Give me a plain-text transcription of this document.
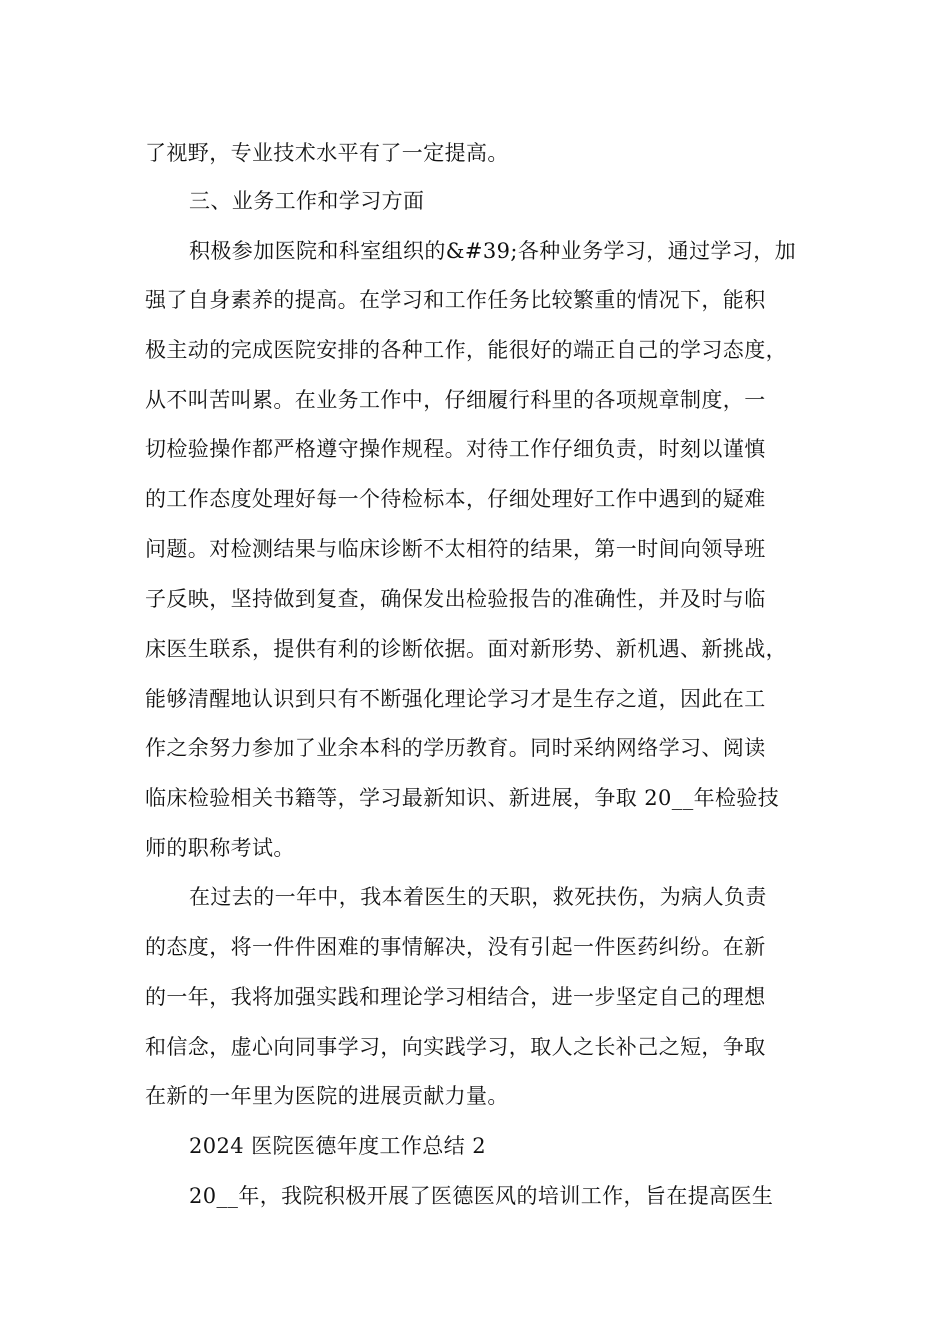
了视野，专业技术水平有了一定提高。
三、业务工作和学习方面
积极参加医院和科室组织的&#39;各种业务学习，通过学习，加
强了自身素养的提高。在学习和工作任务比较繁重的情况下，能积
极主动的完成医院安排的各种工作，能很好的端正自己的学习态度，
从不叫苦叫累。在业务工作中，仔细履行科里的各项规章制度，一
切检验操作都严格遵守操作规程。对待工作仔细负责，时刻以谨慎
的工作态度处理好每一个待检标本，仔细处理好工作中遇到的疑难
问题。对检测结果与临床诊断不太相符的结果，第一时间向领导班
子反映，坚持做到复查，确保发出检验报告的准确性，并及时与临
床医生联系，提供有利的诊断依据。面对新形势、新机遇、新挑战，
能够清醒地认识到只有不断强化理论学习才是生存之道，因此在工
作之余努力参加了业余本科的学历教育。同时采纳网络学习、阅读
临床检验相关书籍等，学习最新知识、新进展，争取 20__年检验技
师的职称考试。
在过去的一年中，我本着医生的天职，救死扶伤，为病人负责
的态度，将一件件困难的事情解决，没有引起一件医药纠纷。在新
的一年，我将加强实践和理论学习相结合，进一步坚定自己的理想
和信念，虚心向同事学习，向实践学习，取人之长补己之短，争取
在新的一年里为医院的进展贡献力量。
2024 医院医德年度工作总结 2
20__年，我院积极开展了医德医风的培训工作，旨在提高医生
